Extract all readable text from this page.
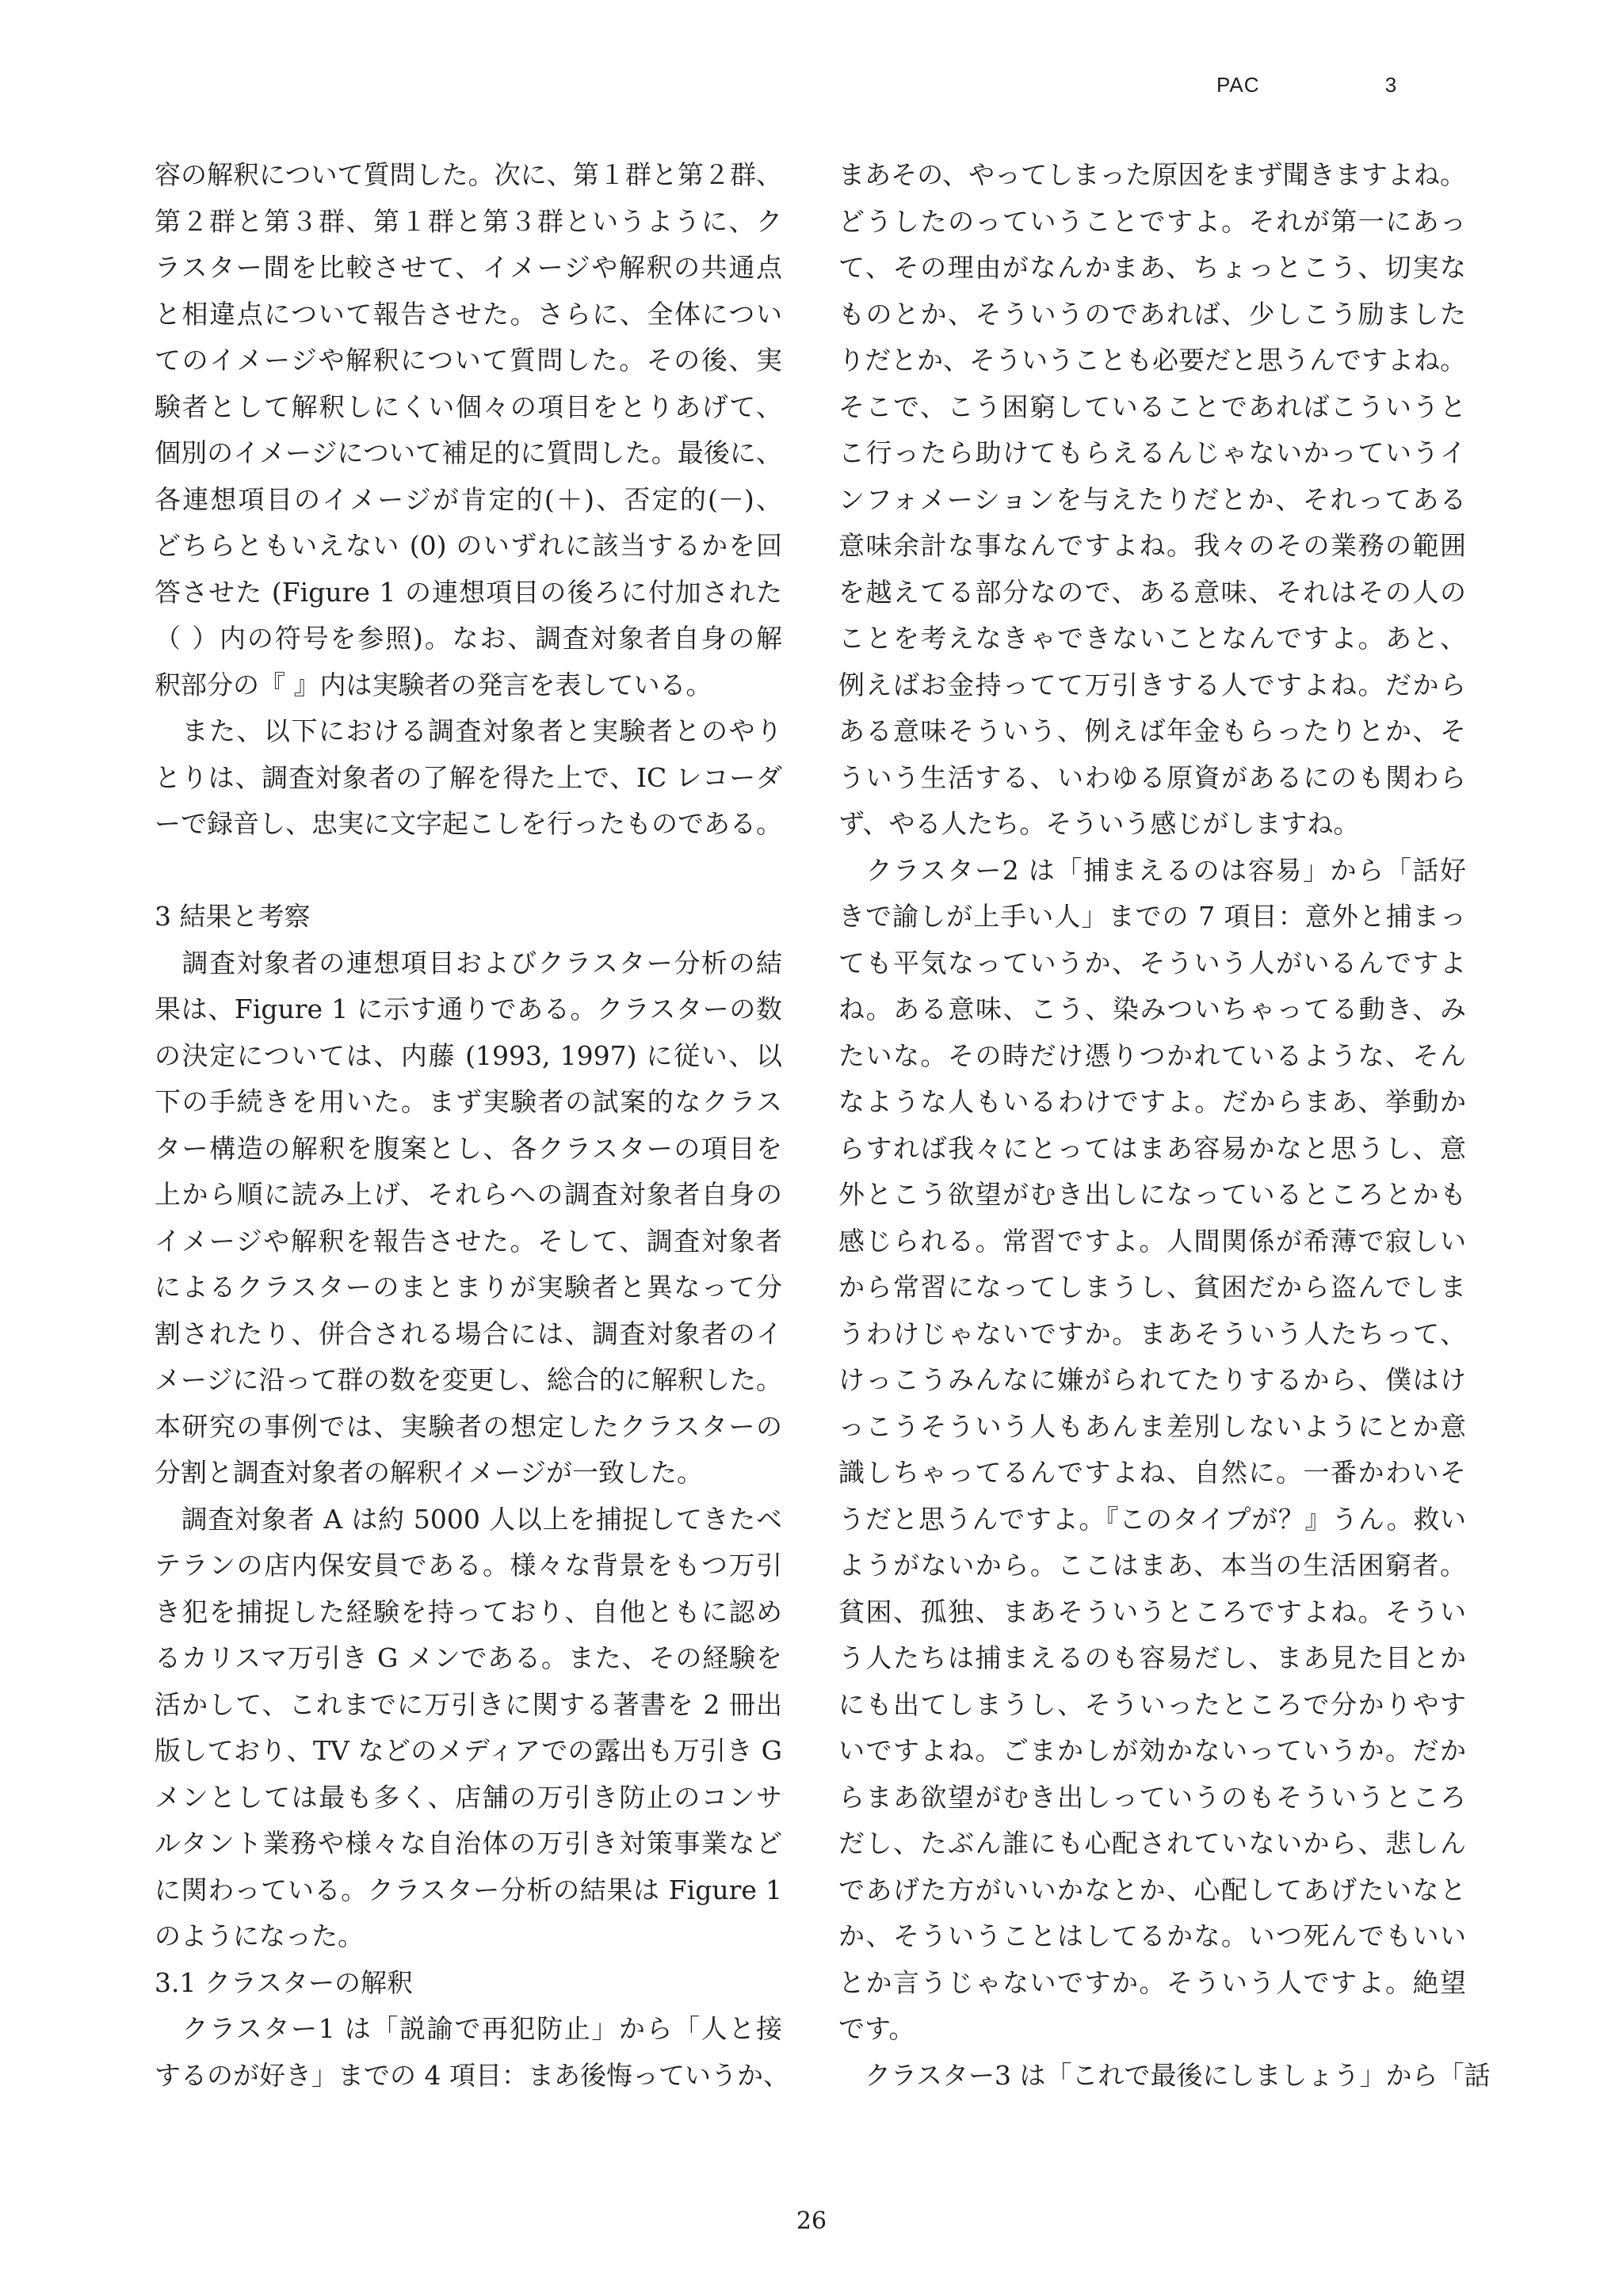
PAC	3
容の解釈について質問した。次に、第１群と第２群、
第２群と第３群、第１群と第３群というように、ク
ラスター間を比較させて、イメージや解釈の共通点
と相違点について報告させた。さらに、全体につい
てのイメージや解釈について質問した。その後、実
験者として解釈しにくい個々の項目をとりあげて、
個別のイメージについて補足的に質問した。最後に、
各連想項目のイメージが肯定的(＋)、否定的(－)、
どちらともいえない (0) のいずれに該当するかを回
答させた (Figure 1 の連想項目の後ろに付加された
（ ）内の符号を参照)。なお、調査対象者自身の解
釈部分の『 』内は実験者の発言を表している。
　また、以下における調査対象者と実験者とのやり
とりは、調査対象者の了解を得た上で、IC レコーダ
ーで録音し、忠実に文字起こしを行ったものである。
3 結果と考察
　調査対象者の連想項目およびクラスター分析の結
果は、Figure 1 に示す通りである。クラスターの数
の決定については、内藤 (1993, 1997) に従い、以
下の手続きを用いた。まず実験者の試案的なクラス
ター構造の解釈を腹案とし、各クラスターの項目を
上から順に読み上げ、それらへの調査対象者自身の
イメージや解釈を報告させた。そして、調査対象者
によるクラスターのまとまりが実験者と異なって分
割されたり、併合される場合には、調査対象者のイ
メージに沿って群の数を変更し、総合的に解釈した。
本研究の事例では、実験者の想定したクラスターの
分割と調査対象者の解釈イメージが一致した。
　調査対象者 A は約 5000 人以上を捕捉してきたベ
テランの店内保安員である。様々な背景をもつ万引
き犯を捕捉した経験を持っており、自他ともに認め
るカリスマ万引き G メンである。また、その経験を
活かして、これまでに万引きに関する著書を 2 冊出
版しており、TV などのメディアでの露出も万引き G
メンとしては最も多く、店舗の万引き防止のコンサ
ルタント業務や様々な自治体の万引き対策事業など
に関わっている。クラスター分析の結果は Figure 1
のようになった。
3.1 クラスターの解釈
　クラスター1 は「説諭で再犯防止」から「人と接
するのが好き」までの 4 項目：まあ後悔っていうか、
まあその、やってしまった原因をまず聞きますよね。
どうしたのっていうことですよ。それが第一にあっ
て、その理由がなんかまあ、ちょっとこう、切実な
ものとか、そういうのであれば、少しこう励ました
りだとか、そういうことも必要だと思うんですよね。
そこで、こう困窮していることであればこういうと
こ行ったら助けてもらえるんじゃないかっていうイ
ンフォメーションを与えたりだとか、それってある
意味余計な事なんですよね。我々のその業務の範囲
を越えてる部分なので、ある意味、それはその人の
ことを考えなきゃできないことなんですよ。あと、
例えばお金持ってて万引きする人ですよね。だから
ある意味そういう、例えば年金もらったりとか、そ
ういう生活する、いわゆる原資があるにのも関わら
ず、やる人たち。そういう感じがしますね。
　クラスター2 は「捕まえるのは容易」から「話好
きで諭しが上手い人」までの 7 項目：意外と捕まっ
ても平気なっていうか、そういう人がいるんですよ
ね。ある意味、こう、染みついちゃってる動き、み
たいな。その時だけ憑りつかれているような、そん
なような人もいるわけですよ。だからまあ、挙動か
らすれば我々にとってはまあ容易かなと思うし、意
外とこう欲望がむき出しになっているところとかも
感じられる。常習ですよ。人間関係が希薄で寂しい
から常習になってしまうし、貧困だから盗んでしま
うわけじゃないですか。まあそういう人たちって、
けっこうみんなに嫌がられてたりするから、僕はけ
っこうそういう人もあんま差別しないようにとか意
識しちゃってるんですよね、自然に。一番かわいそ
うだと思うんですよ。『このタイプが？』うん。救い
ようがないから。ここはまあ、本当の生活困窮者。
貧困、孤独、まあそういうところですよね。そうい
う人たちは捕まえるのも容易だし、まあ見た目とか
にも出てしまうし、そういったところで分かりやす
いですよね。ごまかしが効かないっていうか。だか
らまあ欲望がむき出しっていうのもそういうところ
だし、たぶん誰にも心配されていないから、悲しん
であげた方がいいかなとか、心配してあげたいなと
か、そういうことはしてるかな。いつ死んでもいい
とか言うじゃないですか。そういう人ですよ。絶望
です。
　クラスター3 は「これで最後にしましょう」から「話
26
